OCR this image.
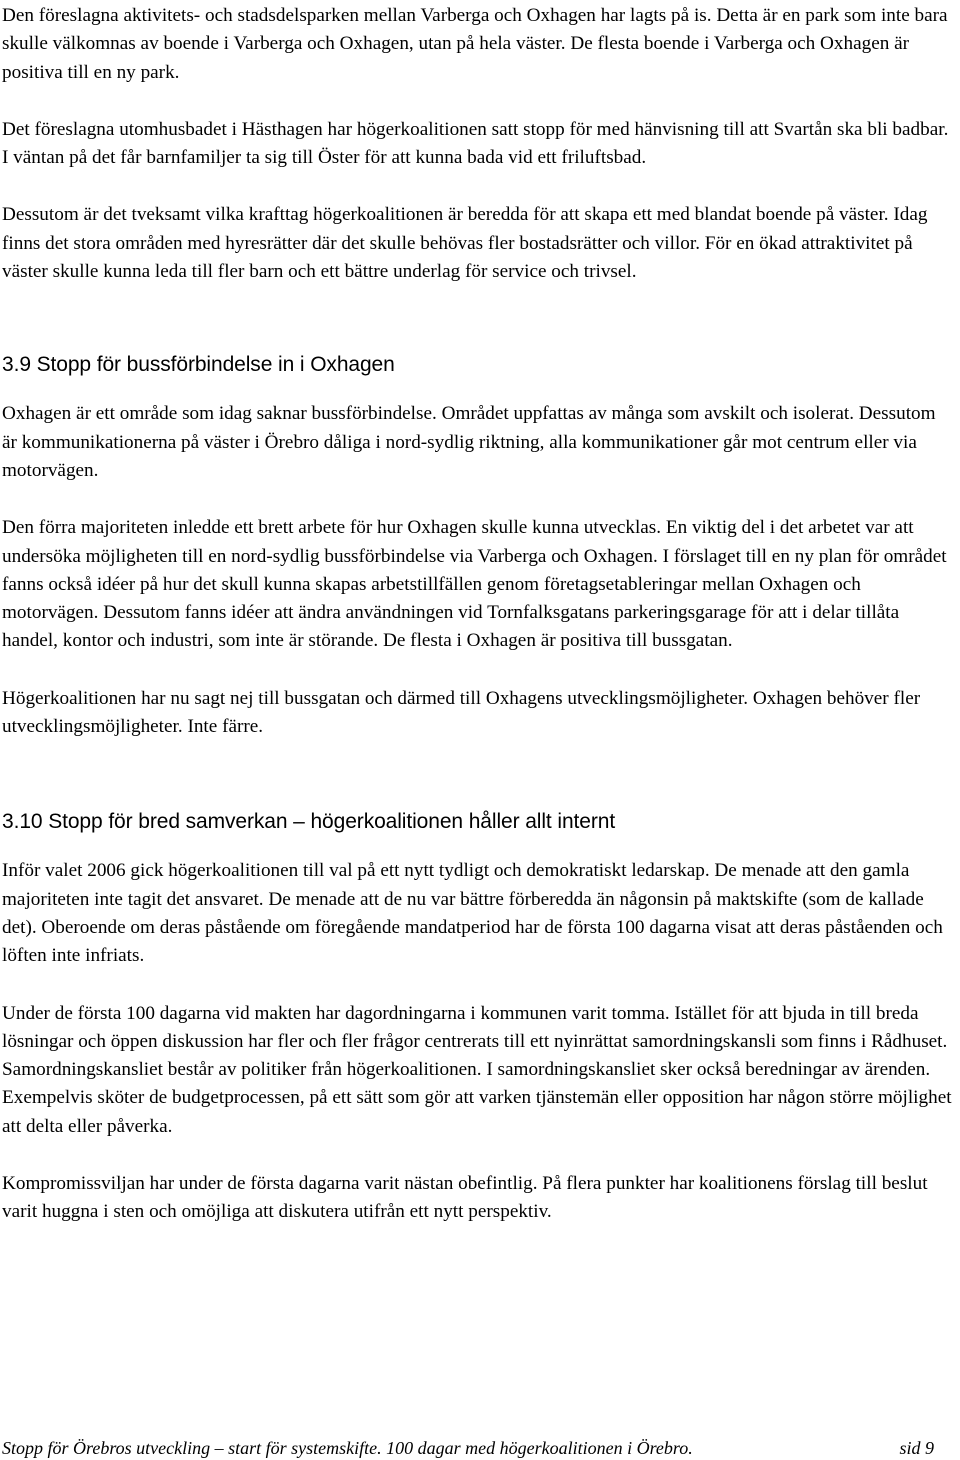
Den föreslagna aktivitets- och stadsdelsparken mellan Varberga och Oxhagen har lagts på is. Detta är en park som inte bara skulle välkomnas av boende i Varberga och Oxhagen, utan på hela väster. De flesta boende i Varberga och Oxhagen är positiva till en ny park.

Det föreslagna utomhusbadet i Hästhagen har högerkoalitionen satt stopp för med hänvisning till att Svartån ska bli badbar. I väntan på det får barnfamiljer ta sig till Öster för att kunna bada vid ett friluftsbad.

Dessutom är det tveksamt vilka krafttag högerkoalitionen är beredda för att skapa ett med blandat boende på väster. Idag finns det stora områden med hyresrätter där det skulle behövas fler bostadsrätter och villor. För en ökad attraktivitet på väster skulle kunna leda till fler barn och ett bättre underlag för service och trivsel.

3.9 Stopp för bussförbindelse in i Oxhagen

Oxhagen är ett område som idag saknar bussförbindelse. Området uppfattas av många som avskilt och isolerat. Dessutom är kommunikationerna på väster i Örebro dåliga i nord-sydlig riktning, alla kommunikationer går mot centrum eller via motorvägen.

Den förra majoriteten inledde ett brett arbete för hur Oxhagen skulle kunna utvecklas. En viktig del i det arbetet var att undersöka möjligheten till en nord-sydlig bussförbindelse via Varberga och Oxhagen. I förslaget till en ny plan för området fanns också idéer på hur det skull kunna skapas arbetstillfällen genom företagsetableringar mellan Oxhagen och motorvägen. Dessutom fanns idéer att ändra användningen vid Tornfalksgatans parkeringsgarage för att i delar tillåta handel, kontor och industri, som inte är störande. De flesta i Oxhagen är positiva till bussgatan.

Högerkoalitionen har nu sagt nej till bussgatan och därmed till Oxhagens utvecklingsmöjligheter. Oxhagen behöver fler utvecklingsmöjligheter. Inte färre.

3.10 Stopp för bred samverkan – högerkoalitionen håller allt internt

Inför valet 2006 gick högerkoalitionen till val på ett nytt tydligt och demokratiskt ledarskap. De menade att den gamla majoriteten inte tagit det ansvaret. De menade att de nu var bättre förberedda än någonsin på maktskifte (som de kallade det). Oberoende om deras påstående om föregående mandatperiod har de första 100 dagarna visat att deras påståenden och löften inte infriats.

Under de första 100 dagarna vid makten har dagordningarna i kommunen varit tomma. Istället för att bjuda in till breda lösningar och öppen diskussion har fler och fler frågor centrerats till ett nyinrättat samordningskansli som finns i Rådhuset. Samordningskansliet består av politiker från högerkoalitionen. I samordningskansliet sker också beredningar av ärenden. Exempelvis sköter de budgetprocessen, på ett sätt som gör att varken tjänstemän eller opposition har någon större möjlighet att delta eller påverka.

Kompromissviljan har under de första dagarna varit nästan obefintlig. På flera punkter har koalitionens förslag till beslut varit huggna i sten och omöjliga att diskutera utifrån ett nytt perspektiv.

Stopp för Örebros utveckling – start för systemskifte. 100 dagar med högerkoalitionen i Örebro.	sid 9
